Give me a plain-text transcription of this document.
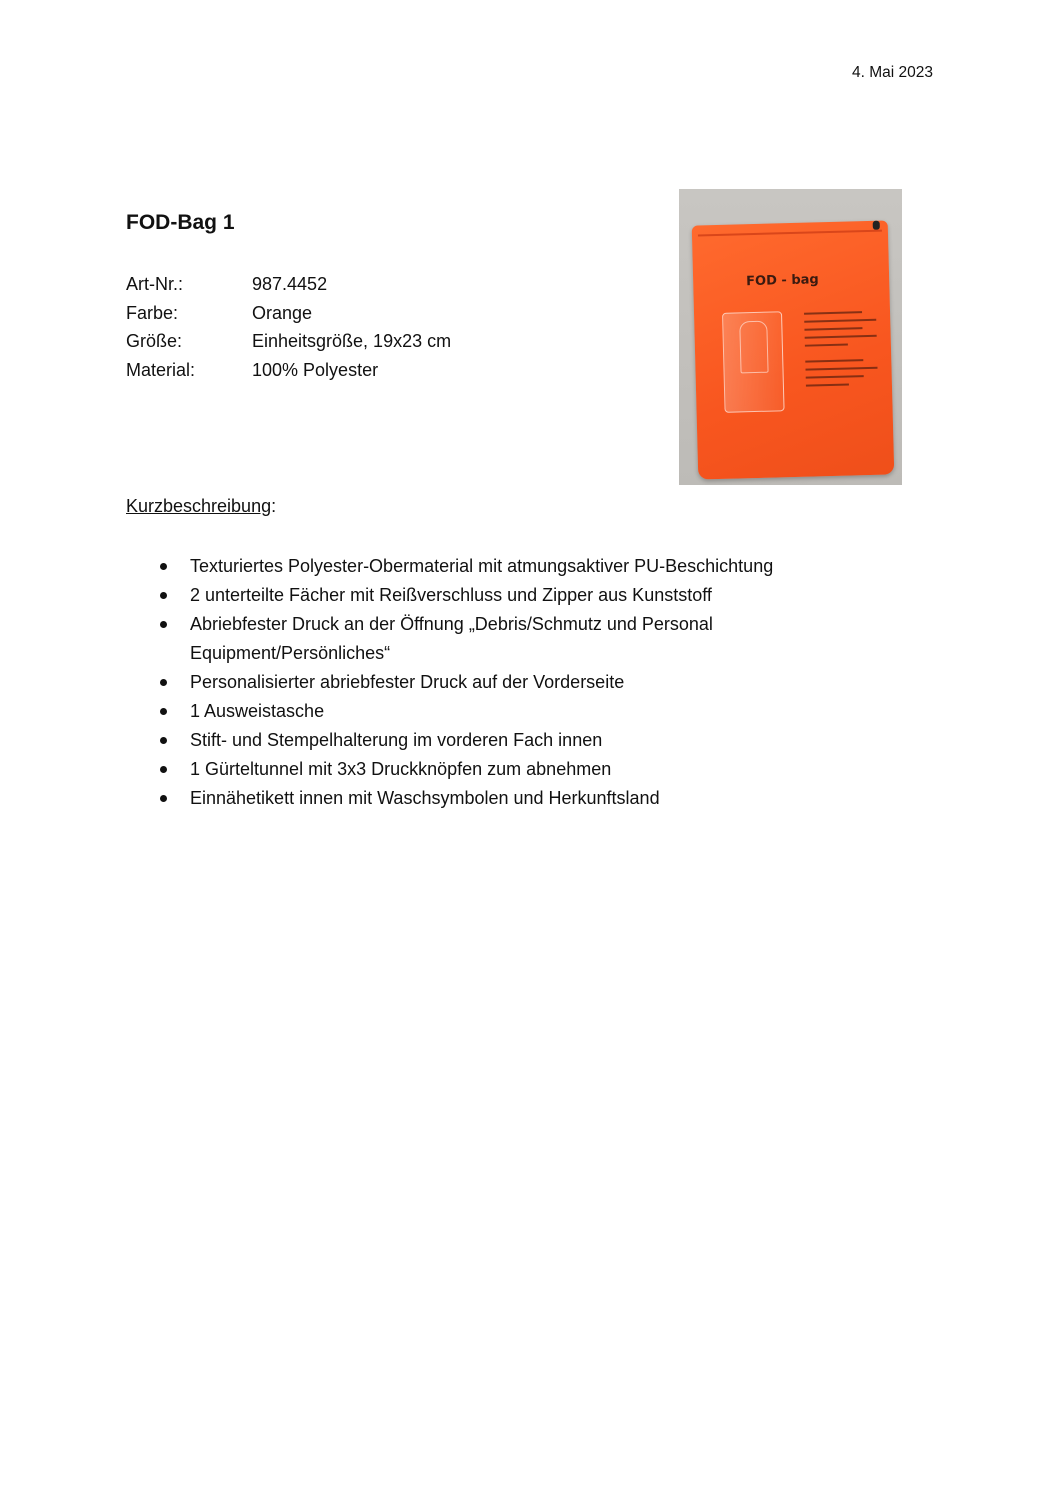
4. Mai 2023
FOD-Bag 1
Art-Nr.:	987.4452
Farbe:	Orange
Größe:	Einheitsgröße, 19x23 cm
Material:	100% Polyester
FOD - bag
Kurzbeschreibung:
Texturiertes Polyester-Obermaterial mit atmungsaktiver PU-Beschichtung
2 unterteilte Fächer mit Reißverschluss und Zipper aus Kunststoff
Abriebfester Druck an der Öffnung „Debris/Schmutz und Personal Equipment/Persönliches“
Personalisierter abriebfester Druck auf der Vorderseite
1 Ausweistasche
Stift- und Stempelhalterung im vorderen Fach innen
1 Gürteltunnel mit 3x3 Druckknöpfen zum abnehmen
Einnähetikett innen mit Waschsymbolen und Herkunftsland
